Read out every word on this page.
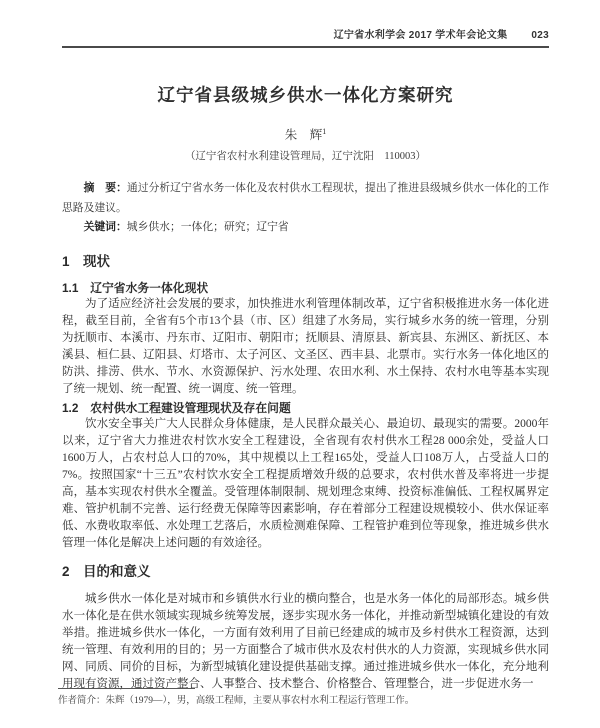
辽宁省水利学会 2017 学术年会论文集 023
辽宁省县级城乡供水一体化方案研究
朱　辉$^1$
（辽宁省农村水利建设管理局，辽宁沈阳　110003）
摘　要：通过分析辽宁省水务一体化及农村供水工程现状，提出了推进县级城乡供水一体化的工作思路及建议。
关键词：城乡供水；一体化；研究；辽宁省
1　现状
1.1　辽宁省水务一体化现状

为了适应经济社会发展的要求，加快推进水利管理体制改革，辽宁省积极推进水务一体化进程，截至目前，全省有5个市13个县（市、区）组建了水务局，实行城乡水务的统一管理，分别为抚顺市、本溪市、丹东市、辽阳市、朝阳市；抚顺县、清原县、新宾县、东洲区、新抚区、本溪县、桓仁县、辽阳县、灯塔市、太子河区、文圣区、西丰县、北票市。实行水务一体化地区的防洪、排涝、供水、节水、水资源保护、污水处理、农田水利、水土保持、农村水电等基本实现了统一规划、统一配置、统一调度、统一管理。

1.2　农村供水工程建设管理现状及存在问题

饮水安全事关广大人民群众身体健康，是人民群众最关心、最迫切、最现实的需要。2000年以来，辽宁省大力推进农村饮水安全工程建设，全省现有农村供水工程28 000余处，受益人口1600万人，占农村总人口的70%，其中规模以上工程165处，受益人口108万人，占受益人口的7%。按照国家“十三五”农村饮水安全工程提质增效升级的总要求，农村供水普及率将进一步提高，基本实现农村供水全覆盖。受管理体制限制、规划理念束缚、投资标准偏低、工程权属界定难、管护机制不完善、运行经费无保障等因素影响，存在着部分工程建设规模较小、供水保证率低、水费收取率低、水处理工艺落后，水质检测难保障、工程管护难到位等现象，推进城乡供水管理一体化是解决上述问题的有效途径。

2　目的和意义

城乡供水一体化是对城市和乡镇供水行业的横向整合，也是水务一体化的局部形态。城乡供水一体化是在供水领域实现城乡统筹发展，逐步实现水务一体化，并推动新型城镇化建设的有效举措。推进城乡供水一体化，一方面有效利用了目前已经建成的城市及乡村供水工程资源，达到统一管理、有效利用的目的；另一方面整合了城市供水及农村供水的人力资源，实现城乡供水同网、同质、同价的目标，为新型城镇化建设提供基础支撑。通过推进城乡供水一体化，充分地利用现有资源，通过资产整合、人事整合、技术整合、价格整合、管理整合，进一步促进水务一

作者简介：朱辉（1979—），男，高级工程师，主要从事农村水利工程运行管理工作。
